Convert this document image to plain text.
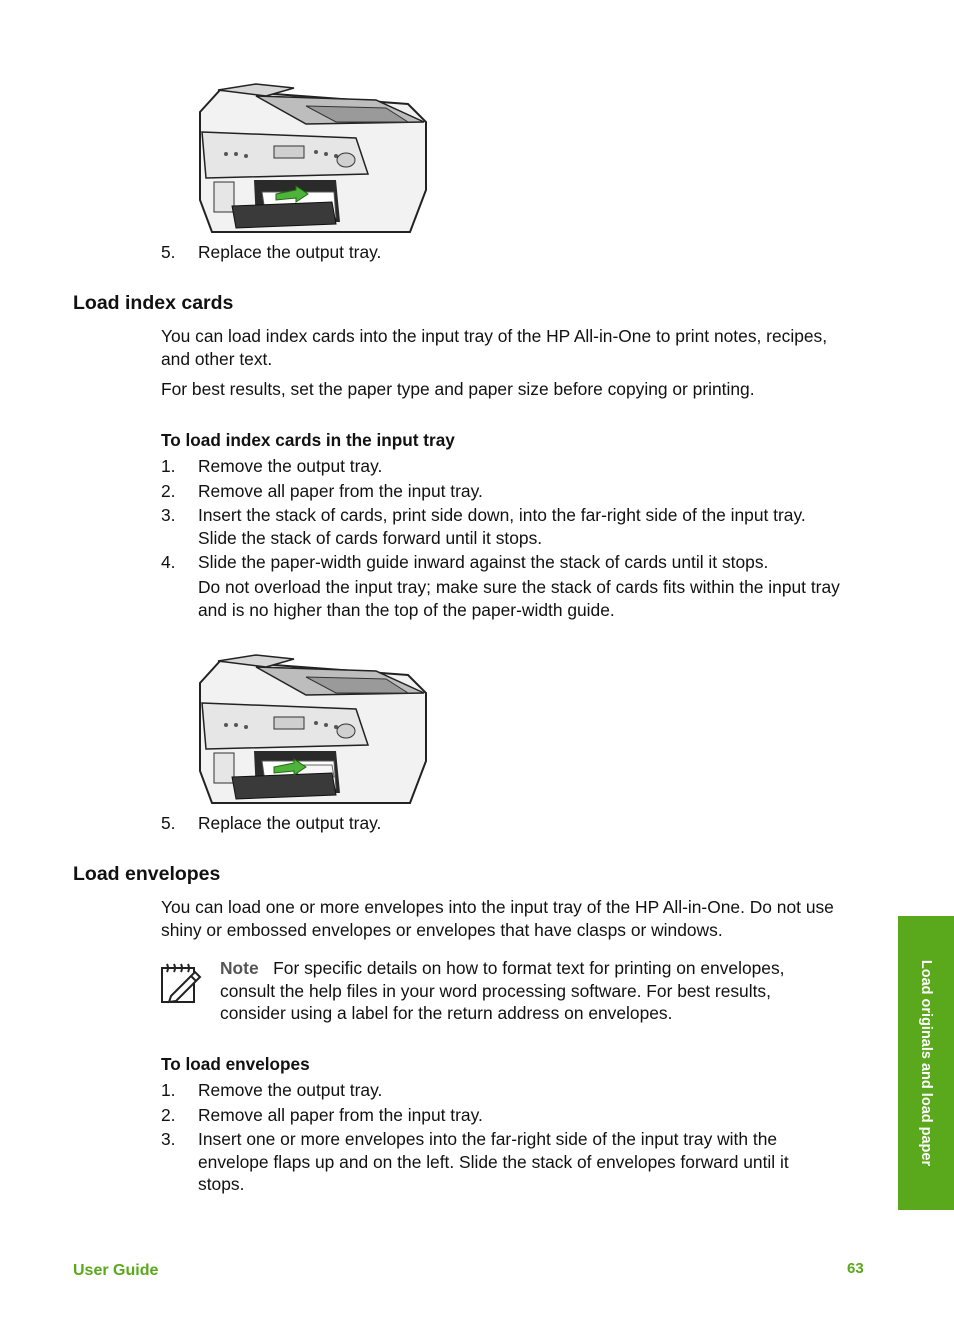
5. Replace the output tray.
Load index cards
You can load index cards into the input tray of the HP All-in-One to print notes, recipes, and other text.
For best results, set the paper type and paper size before copying or printing.
To load index cards in the input tray
1. Remove the output tray.
2. Remove all paper from the input tray.
3. Insert the stack of cards, print side down, into the far-right side of the input tray. Slide the stack of cards forward until it stops.
4. Slide the paper-width guide inward against the stack of cards until it stops.
Do not overload the input tray; make sure the stack of cards fits within the input tray and is no higher than the top of the paper-width guide.
5. Replace the output tray.
Load envelopes
You can load one or more envelopes into the input tray of the HP All-in-One. Do not use shiny or embossed envelopes or envelopes that have clasps or windows.
Note For specific details on how to format text for printing on envelopes, consult the help files in your word processing software. For best results, consider using a label for the return address on envelopes.
To load envelopes
1. Remove the output tray.
2. Remove all paper from the input tray.
3. Insert one or more envelopes into the far-right side of the input tray with the envelope flaps up and on the left. Slide the stack of envelopes forward until it stops.
Load originals and load paper
User Guide	63
